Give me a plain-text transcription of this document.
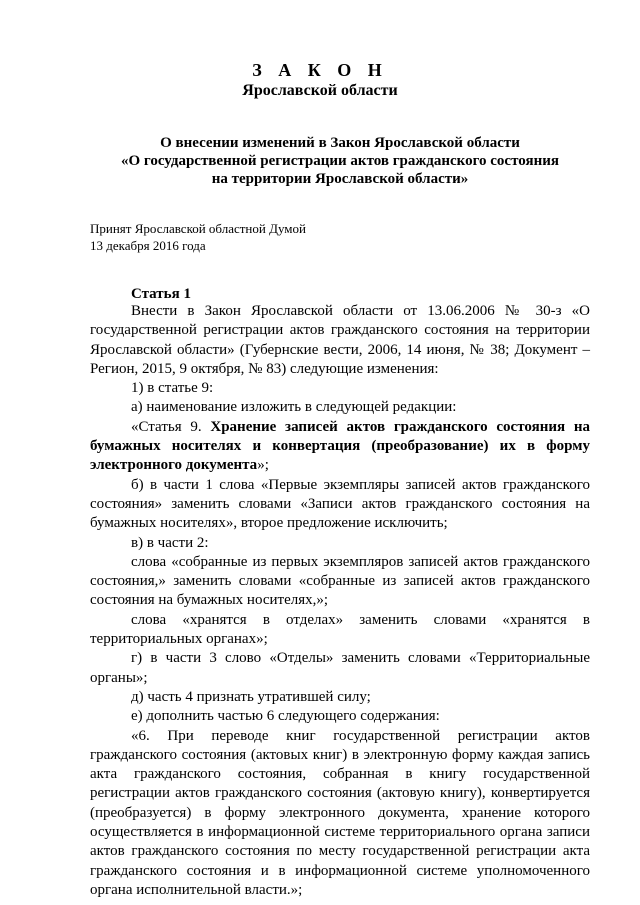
З А К О Н
Ярославской области
О внесении изменений в Закон Ярославской области
«О государственной регистрации актов гражданского состояния
на территории Ярославской области»
Принят Ярославской областной Думой
13 декабря 2016 года
Статья 1

Внести в Закон Ярославской области от 13.06.2006 № 30-з «О государственной регистрации актов гражданского состояния на территории Ярославской области» (Губернские вести, 2006, 14 июня, № 38; Документ – Регион, 2015, 9 октября, № 83) следующие изменения:

1) в статье 9:

а) наименование изложить в следующей редакции:

«Статья 9. Хранение записей актов гражданского состояния на бумажных носителях и конвертация (преобразование) их в форму электронного документа»;

б) в части 1 слова «Первые экземпляры записей актов гражданского состояния» заменить словами «Записи актов гражданского состояния на бумажных носителях», второе предложение исключить;

в) в части 2:

слова «собранные из первых экземпляров записей актов гражданского состояния,» заменить словами «собранные из записей актов гражданского состояния на бумажных носителях,»;

слова «хранятся в отделах» заменить словами «хранятся в территориальных органах»;

г) в части 3 слово «Отделы» заменить словами «Территориальные органы»;

д) часть 4 признать утратившей силу;

е) дополнить частью 6 следующего содержания:

«6. При переводе книг государственной регистрации актов гражданского состояния (актовых книг) в электронную форму каждая запись акта гражданского состояния, собранная в книгу государственной регистрации актов гражданского состояния (актовую книгу), конвертируется (преобразуется) в форму электронного документа, хранение которого осуществляется в информационной системе территориального органа записи актов гражданского состояния по месту государственной регистрации акта гражданского состояния и в информационной системе уполномоченного органа исполнительной власти.»;
